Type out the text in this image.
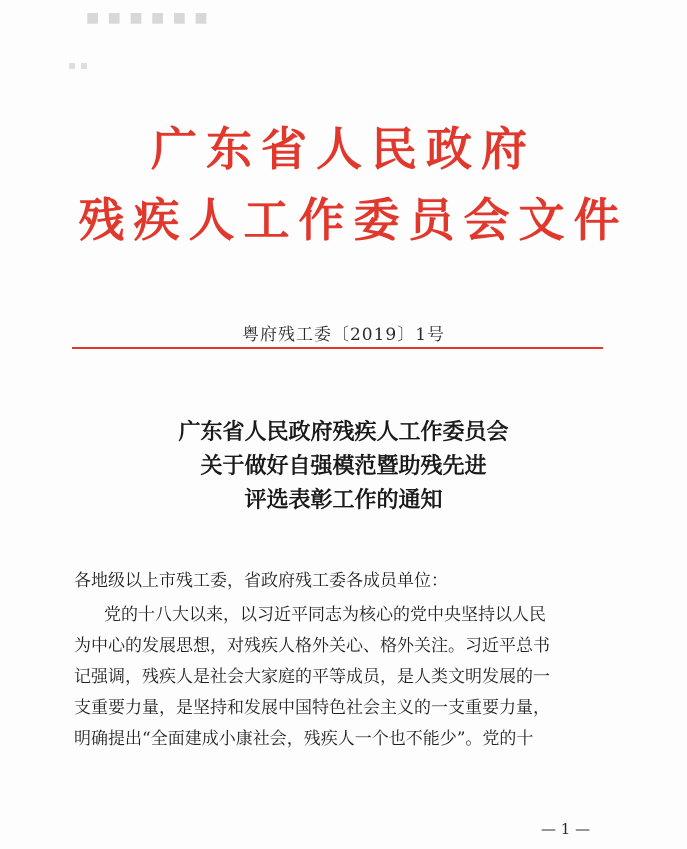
■ ■ ■ ■ ■ ■
▪ ▪
广东省人民政府
残疾人工作委员会文件
粤府残工委〔2019〕1号
广东省人民政府残疾人工作委员会
关于做好自强模范暨助残先进
评选表彰工作的通知
各地级以上市残工委，省政府残工委各成员单位：
党的十八大以来，以习近平同志为核心的党中央坚持以人民
为中心的发展思想，对残疾人格外关心、格外关注。习近平总书
记强调，残疾人是社会大家庭的平等成员，是人类文明发展的一
支重要力量，是坚持和发展中国特色社会主义的一支重要力量，
明确提出“全面建成小康社会，残疾人一个也不能少”。党的十
— 1 —
